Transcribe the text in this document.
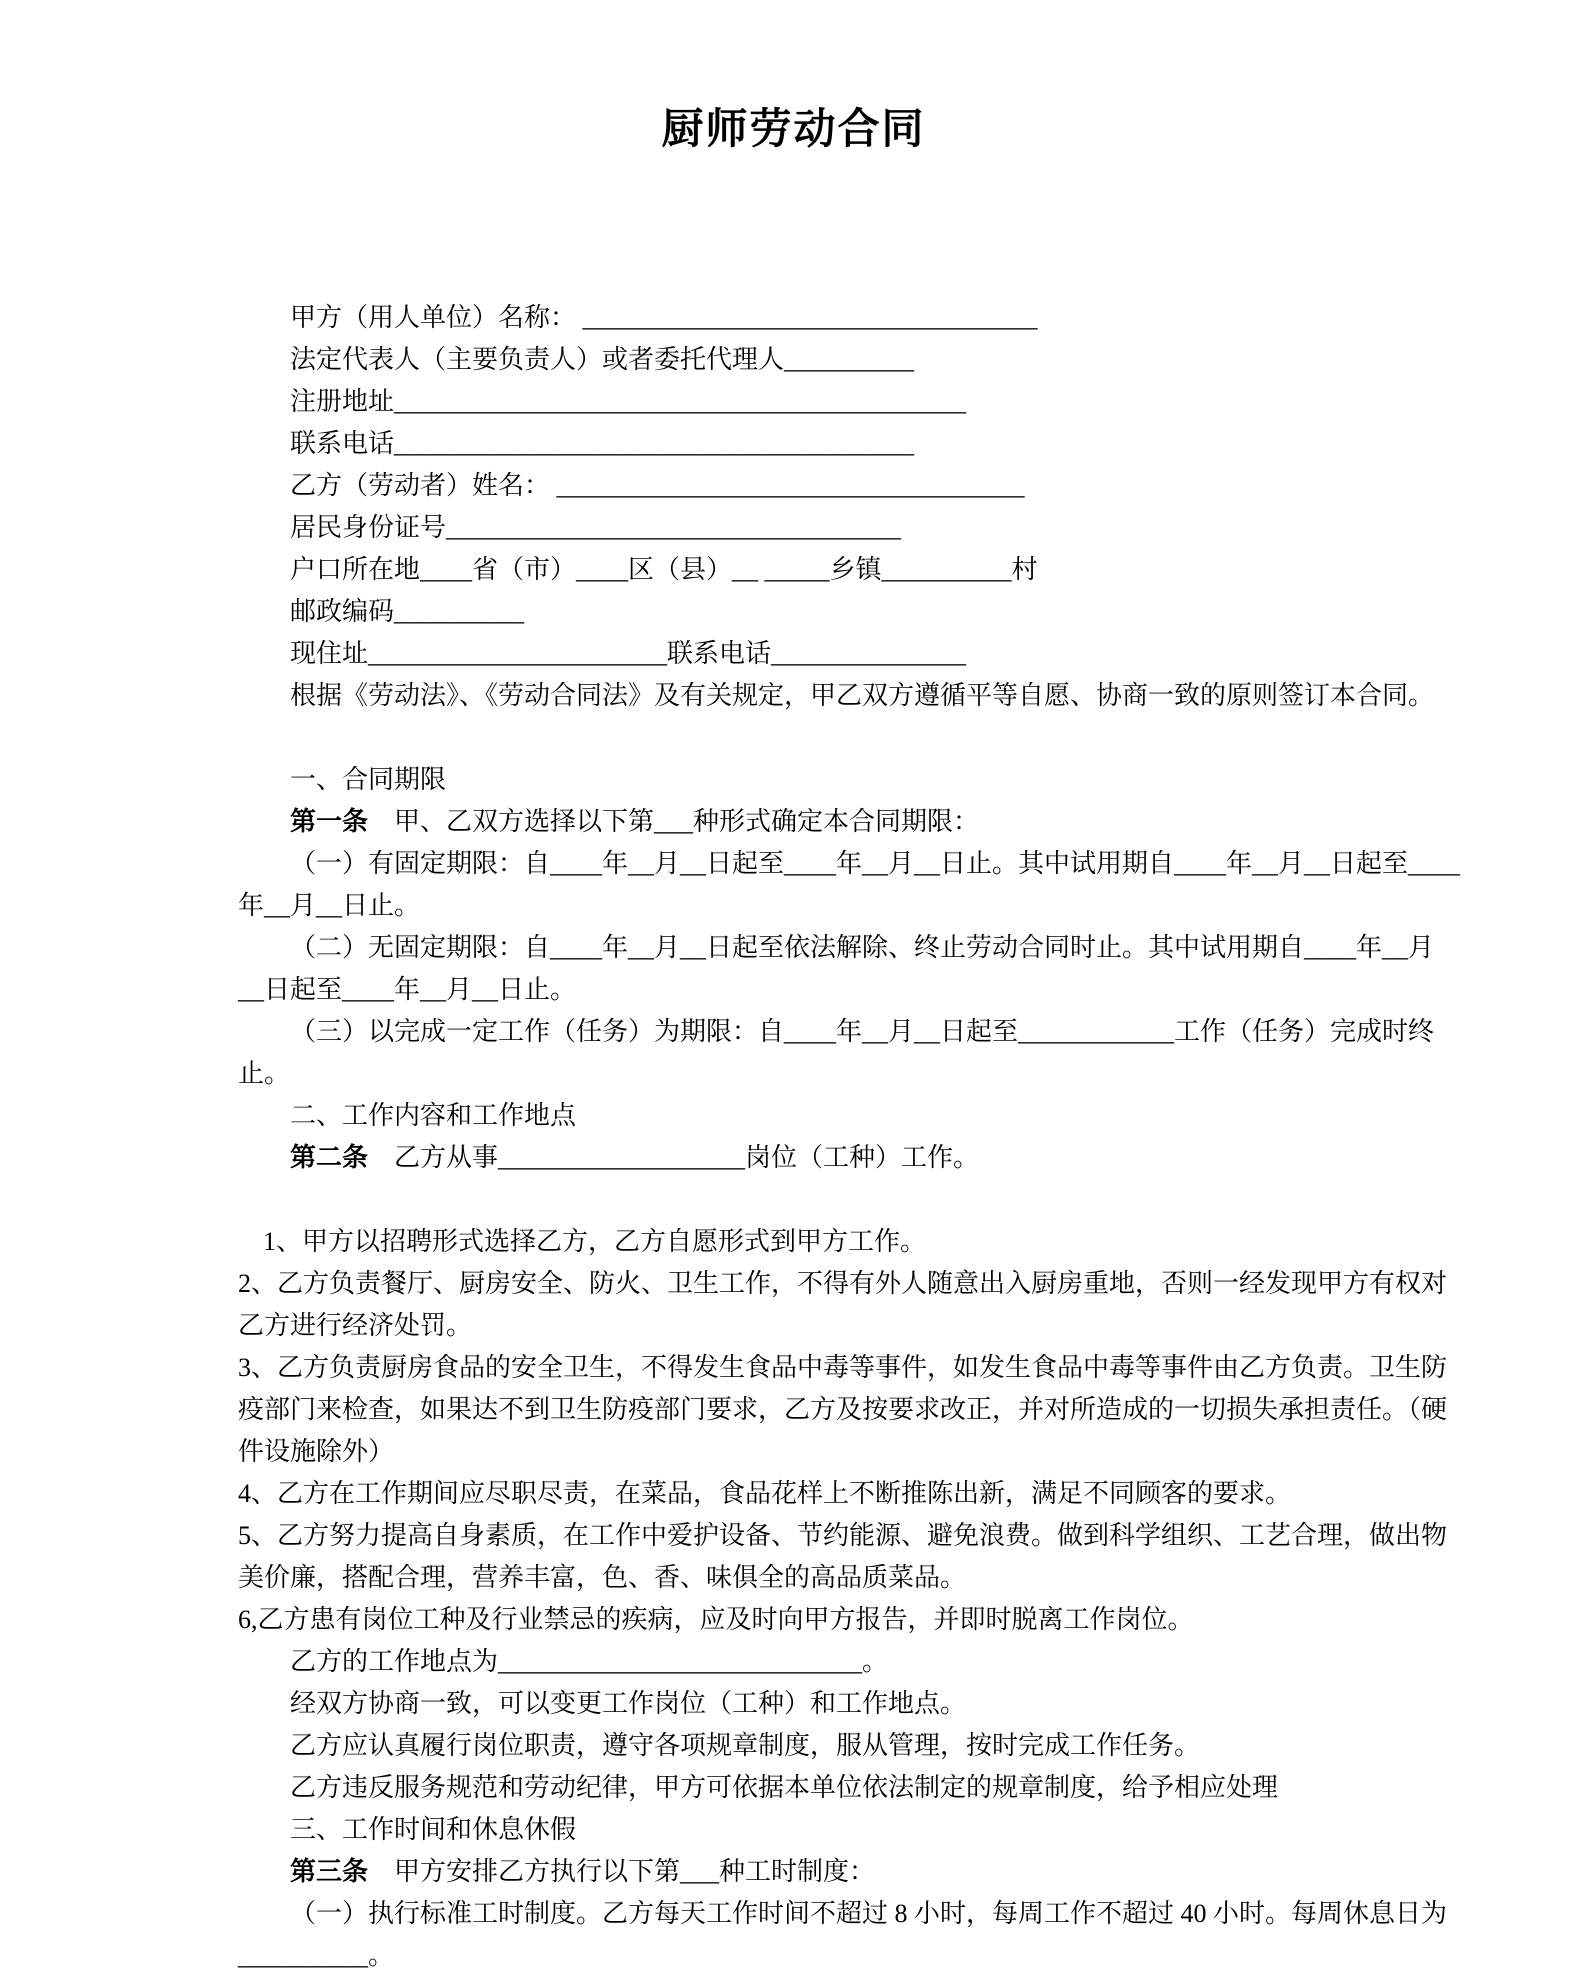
厨师劳动合同
甲方（用人单位）名称： ___________________________________
法定代表人（主要负责人）或者委托代理人__________
注册地址____________________________________________
联系电话________________________________________
乙方（劳动者）姓名： ____________________________________
居民身份证号___________________________________
户口所在地____省（市）____区（县）__ _____乡镇__________村
邮政编码__________
现住址_______________________联系电话_______________
根据《劳动法》、《劳动合同法》及有关规定，甲乙双方遵循平等自愿、协商一致的原则签订本合同。
一、合同期限
第一条　甲、乙双方选择以下第___种形式确定本合同期限：
（一）有固定期限：自____年__月__日起至____年__月__日止。其中试用期自____年__月__日起至____
年__月__日止。
（二）无固定期限：自____年__月__日起至依法解除、终止劳动合同时止。其中试用期自____年__月
__日起至____年__月__日止。
（三）以完成一定工作（任务）为期限：自____年__月__日起至____________工作（任务）完成时终
止。
二、工作内容和工作地点
第二条　乙方从事___________________岗位（工种）工作。
1、甲方以招聘形式选择乙方，乙方自愿形式到甲方工作。
2、乙方负责餐厅、厨房安全、防火、卫生工作，不得有外人随意出入厨房重地，否则一经发现甲方有权对
乙方进行经济处罚。
3、乙方负责厨房食品的安全卫生，不得发生食品中毒等事件，如发生食品中毒等事件由乙方负责。卫生防
疫部门来检查，如果达不到卫生防疫部门要求，乙方及按要求改正，并对所造成的一切损失承担责任。（硬
件设施除外）
4、乙方在工作期间应尽职尽责，在菜品，食品花样上不断推陈出新，满足不同顾客的要求。
5、乙方努力提高自身素质，在工作中爱护设备、节约能源、避免浪费。做到科学组织、工艺合理，做出物
美价廉，搭配合理，营养丰富，色、香、味俱全的高品质菜品。
6,乙方患有岗位工种及行业禁忌的疾病，应及时向甲方报告，并即时脱离工作岗位。
乙方的工作地点为____________________________。
经双方协商一致，可以变更工作岗位（工种）和工作地点。
乙方应认真履行岗位职责，遵守各项规章制度，服从管理，按时完成工作任务。
乙方违反服务规范和劳动纪律，甲方可依据本单位依法制定的规章制度，给予相应处理
三、工作时间和休息休假
第三条　甲方安排乙方执行以下第___种工时制度：
（一）执行标准工时制度。乙方每天工作时间不超过 8 小时，每周工作不超过 40 小时。每周休息日为
__________。
